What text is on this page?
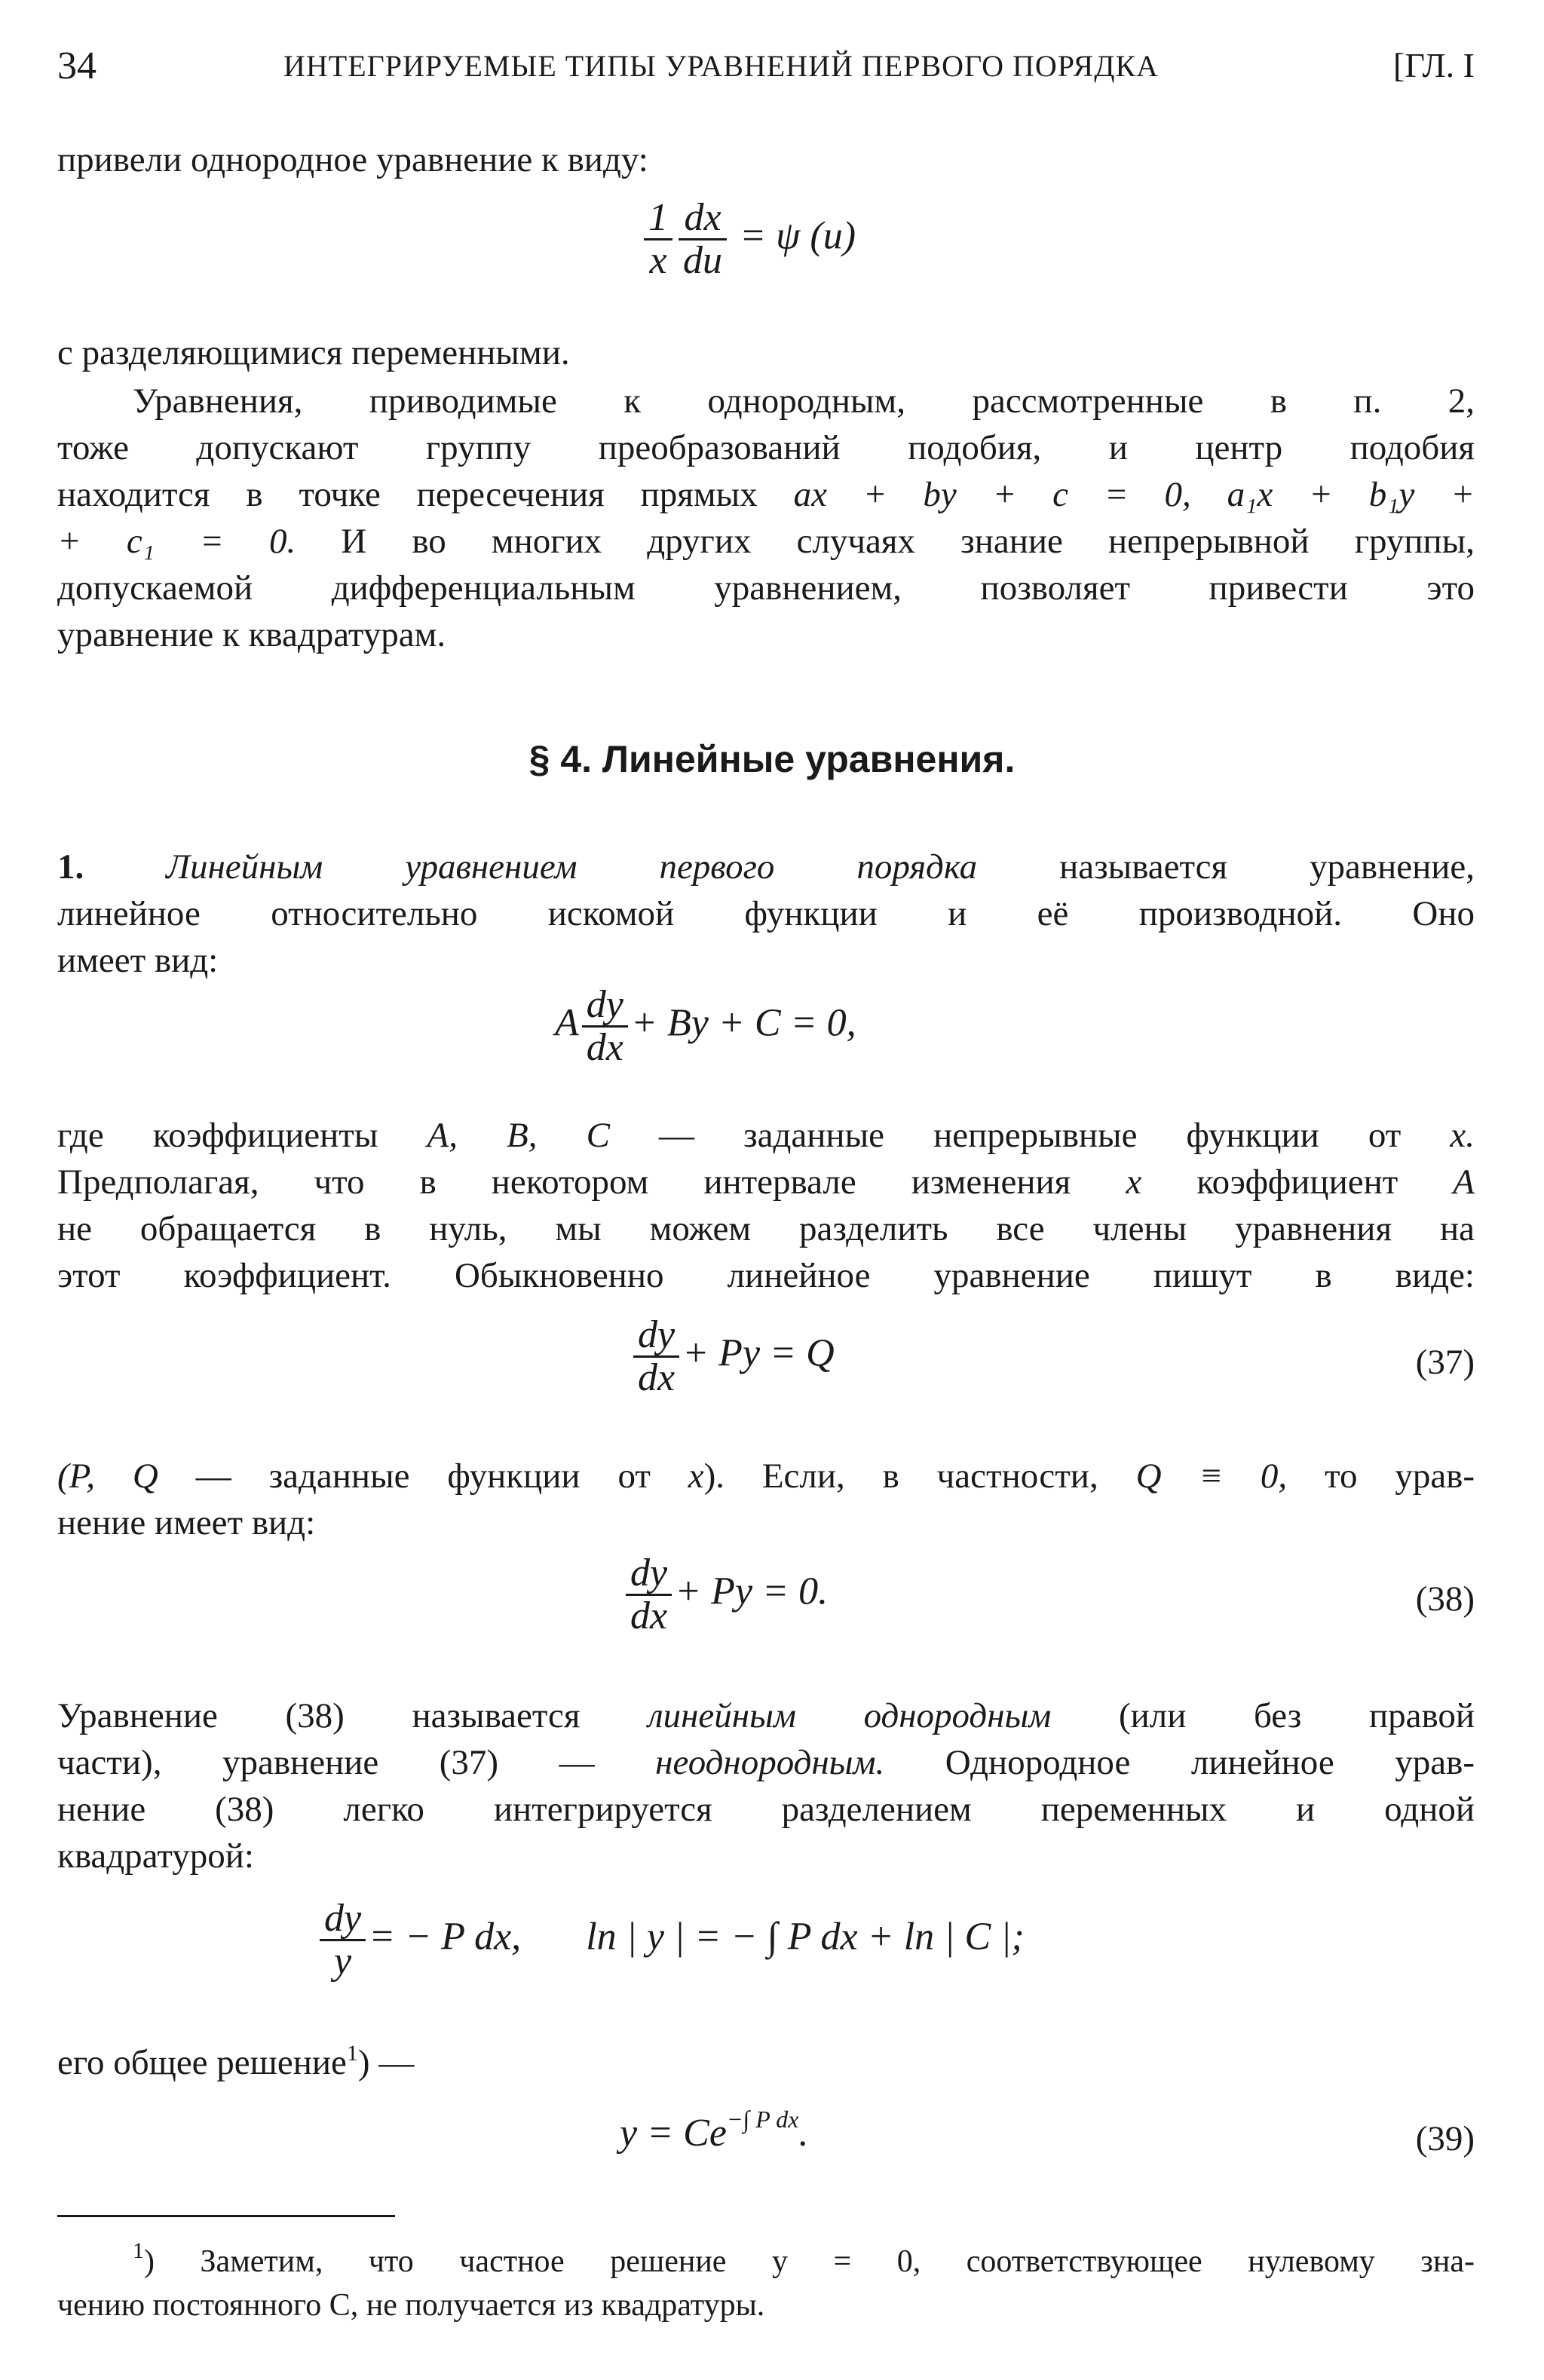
34	ИНТЕГРИРУЕМЫЕ ТИПЫ УРАВНЕНИЙ ПЕРВОГО ПОРЯДКА	[ГЛ. I
привели однородное уравнение к виду:
$\frac{1}{x} \frac{dx}{du} = \psi$ (u)
с разделяющимися переменными.
Уравнения, приводимые к однородным, рассмотренные в п. 2,
тоже допускают группу преобразований подобия, и центр подобия
находится в точке пересечения прямых ax + by + c = 0, a₁x + b₁y +
+ c₁ = 0. И во многих других случаях знание непрерывной группы,
допускаемой дифференциальным уравнением, позволяет привести это
уравнение к квадратурам.
§ 4. Линейные уравнения.
1. Линейным уравнением первого порядка называется уравнение,
линейное относительно искомой функции и её производной. Оно
имеет вид:
A $\frac{dy}{dx} + By + C = 0$,
где коэффициенты A, B, C — заданные непрерывные функции от x.
Предполагая, что в некотором интервале изменения x коэффициент A
не обращается в нуль, мы можем разделить все члены уравнения на
этот коэффициент. Обыкновенно линейное уравнение пишут в виде:
$\frac{dy}{dx} + Py = Q$	(37)
(P, Q — заданные функции от x). Если, в частности, Q ≡ 0, то урав-
нение имеет вид:
$\frac{dy}{dx} + Py = 0$.	(38)
Уравнение (38) называется линейным однородным (или без правой
части), уравнение (37) — неоднородным. Однородное линейное урав-
нение (38) легко интегрируется разделением переменных и одной
квадратурой:
$\frac{dy}{y}$ = − P dx, ln | y | = − ∫ P dx + ln | C |;
его общее решение$^1$) —
$y = Ce^{-\int P dx}$.	(39)
$^1$) Заметим, что частное решение y = 0, соответствующее нулевому зна-
чению постоянного C, не получается из квадратуры.
